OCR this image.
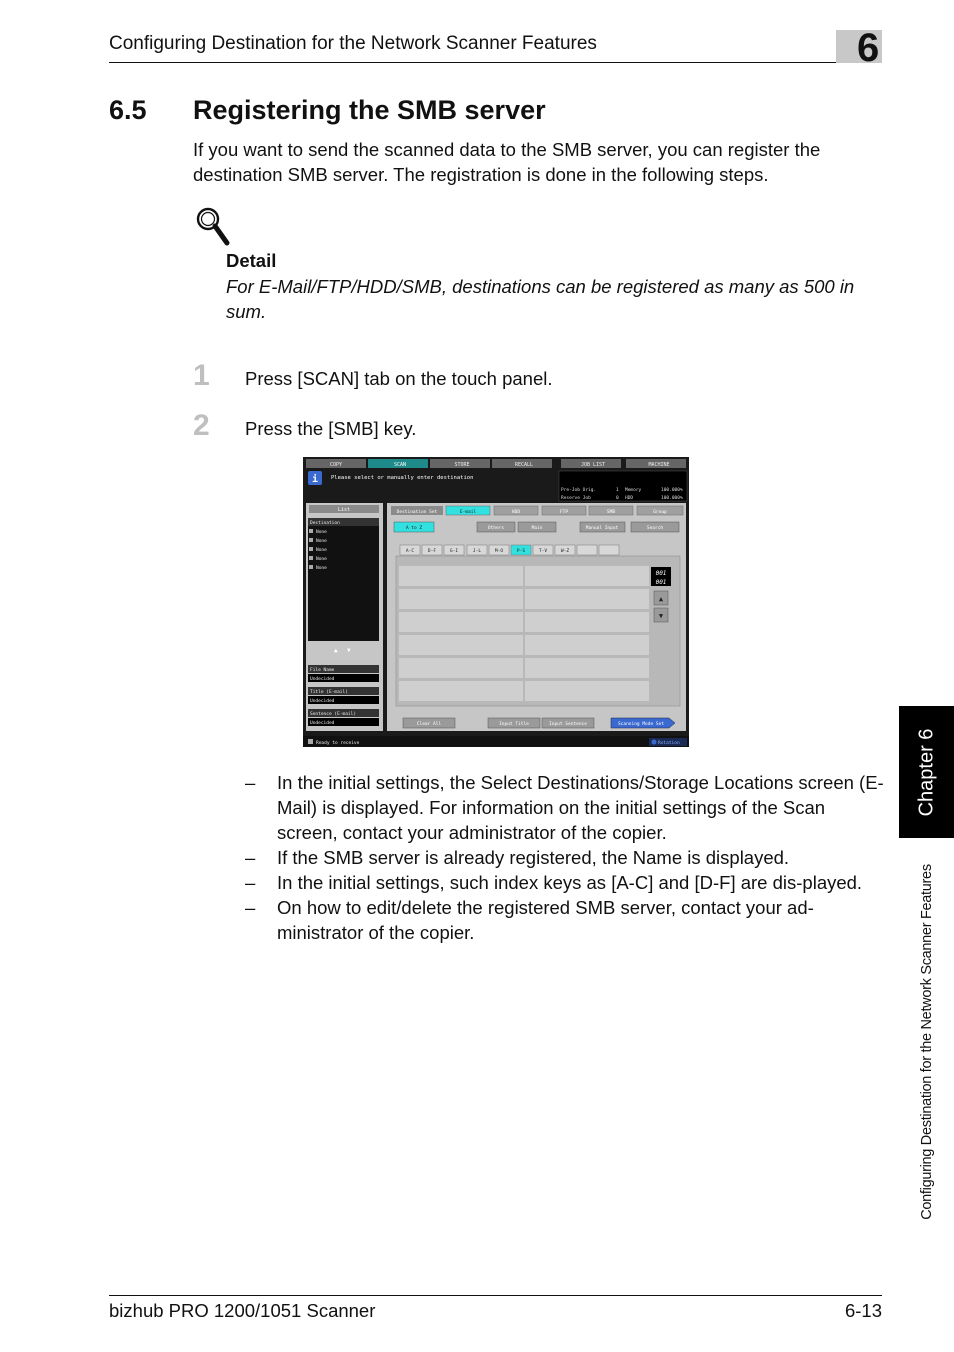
Configuring Destination for the Network Scanner Features	6
6.5 Registering the SMB server

If you want to send the scanned data to the SMB server, you can register the destination SMB server. The registration is done in the following steps.

Detail

For E-Mail/FTP/HDD/SMB, destinations can be registered as many as 500 in sum.

1 Press [SCAN] tab on the touch panel.
2 Press the [SMB] key.
COPY	SCAN	STORE	RECALL	JOB LIST	MACHINE
i Please select or manually enter destination
Pre-Job Orig.	1 Memory	100.000%
Reserve Job	0 HDD	100.000%
List
Destination
None
None
None
None
None
▲ ▼
File Name
Undecided
Title (E-mail)
Undecided
Sentence (E-mail)
Undecided
Destination Set	E-mail	HDD	FTP	SMB	Group
A to Z	Others	Main	Manual Input	Search
A-C	D-F	G-I	J-L	M-O	P-S	T-V	W-Z
001
001
▲
▼
Clear All	Input Title	Input Sentence	Scanning Mode Set
Ready to receive	Rotation
– In the initial settings, the Select Destinations/Storage Locations screen (E-Mail) is displayed. For information on the initial settings of the Scan screen, contact your administrator of the copier.
– If the SMB server is already registered, the Name is displayed.
– In the initial settings, such index keys as [A-C] and [D-F] are dis-played.
– On how to edit/delete the registered SMB server, contact your ad-ministrator of the copier.
Chapter 6
Configuring Destination for the Network Scanner Features
bizhub PRO 1200/1051 Scanner	6-13
